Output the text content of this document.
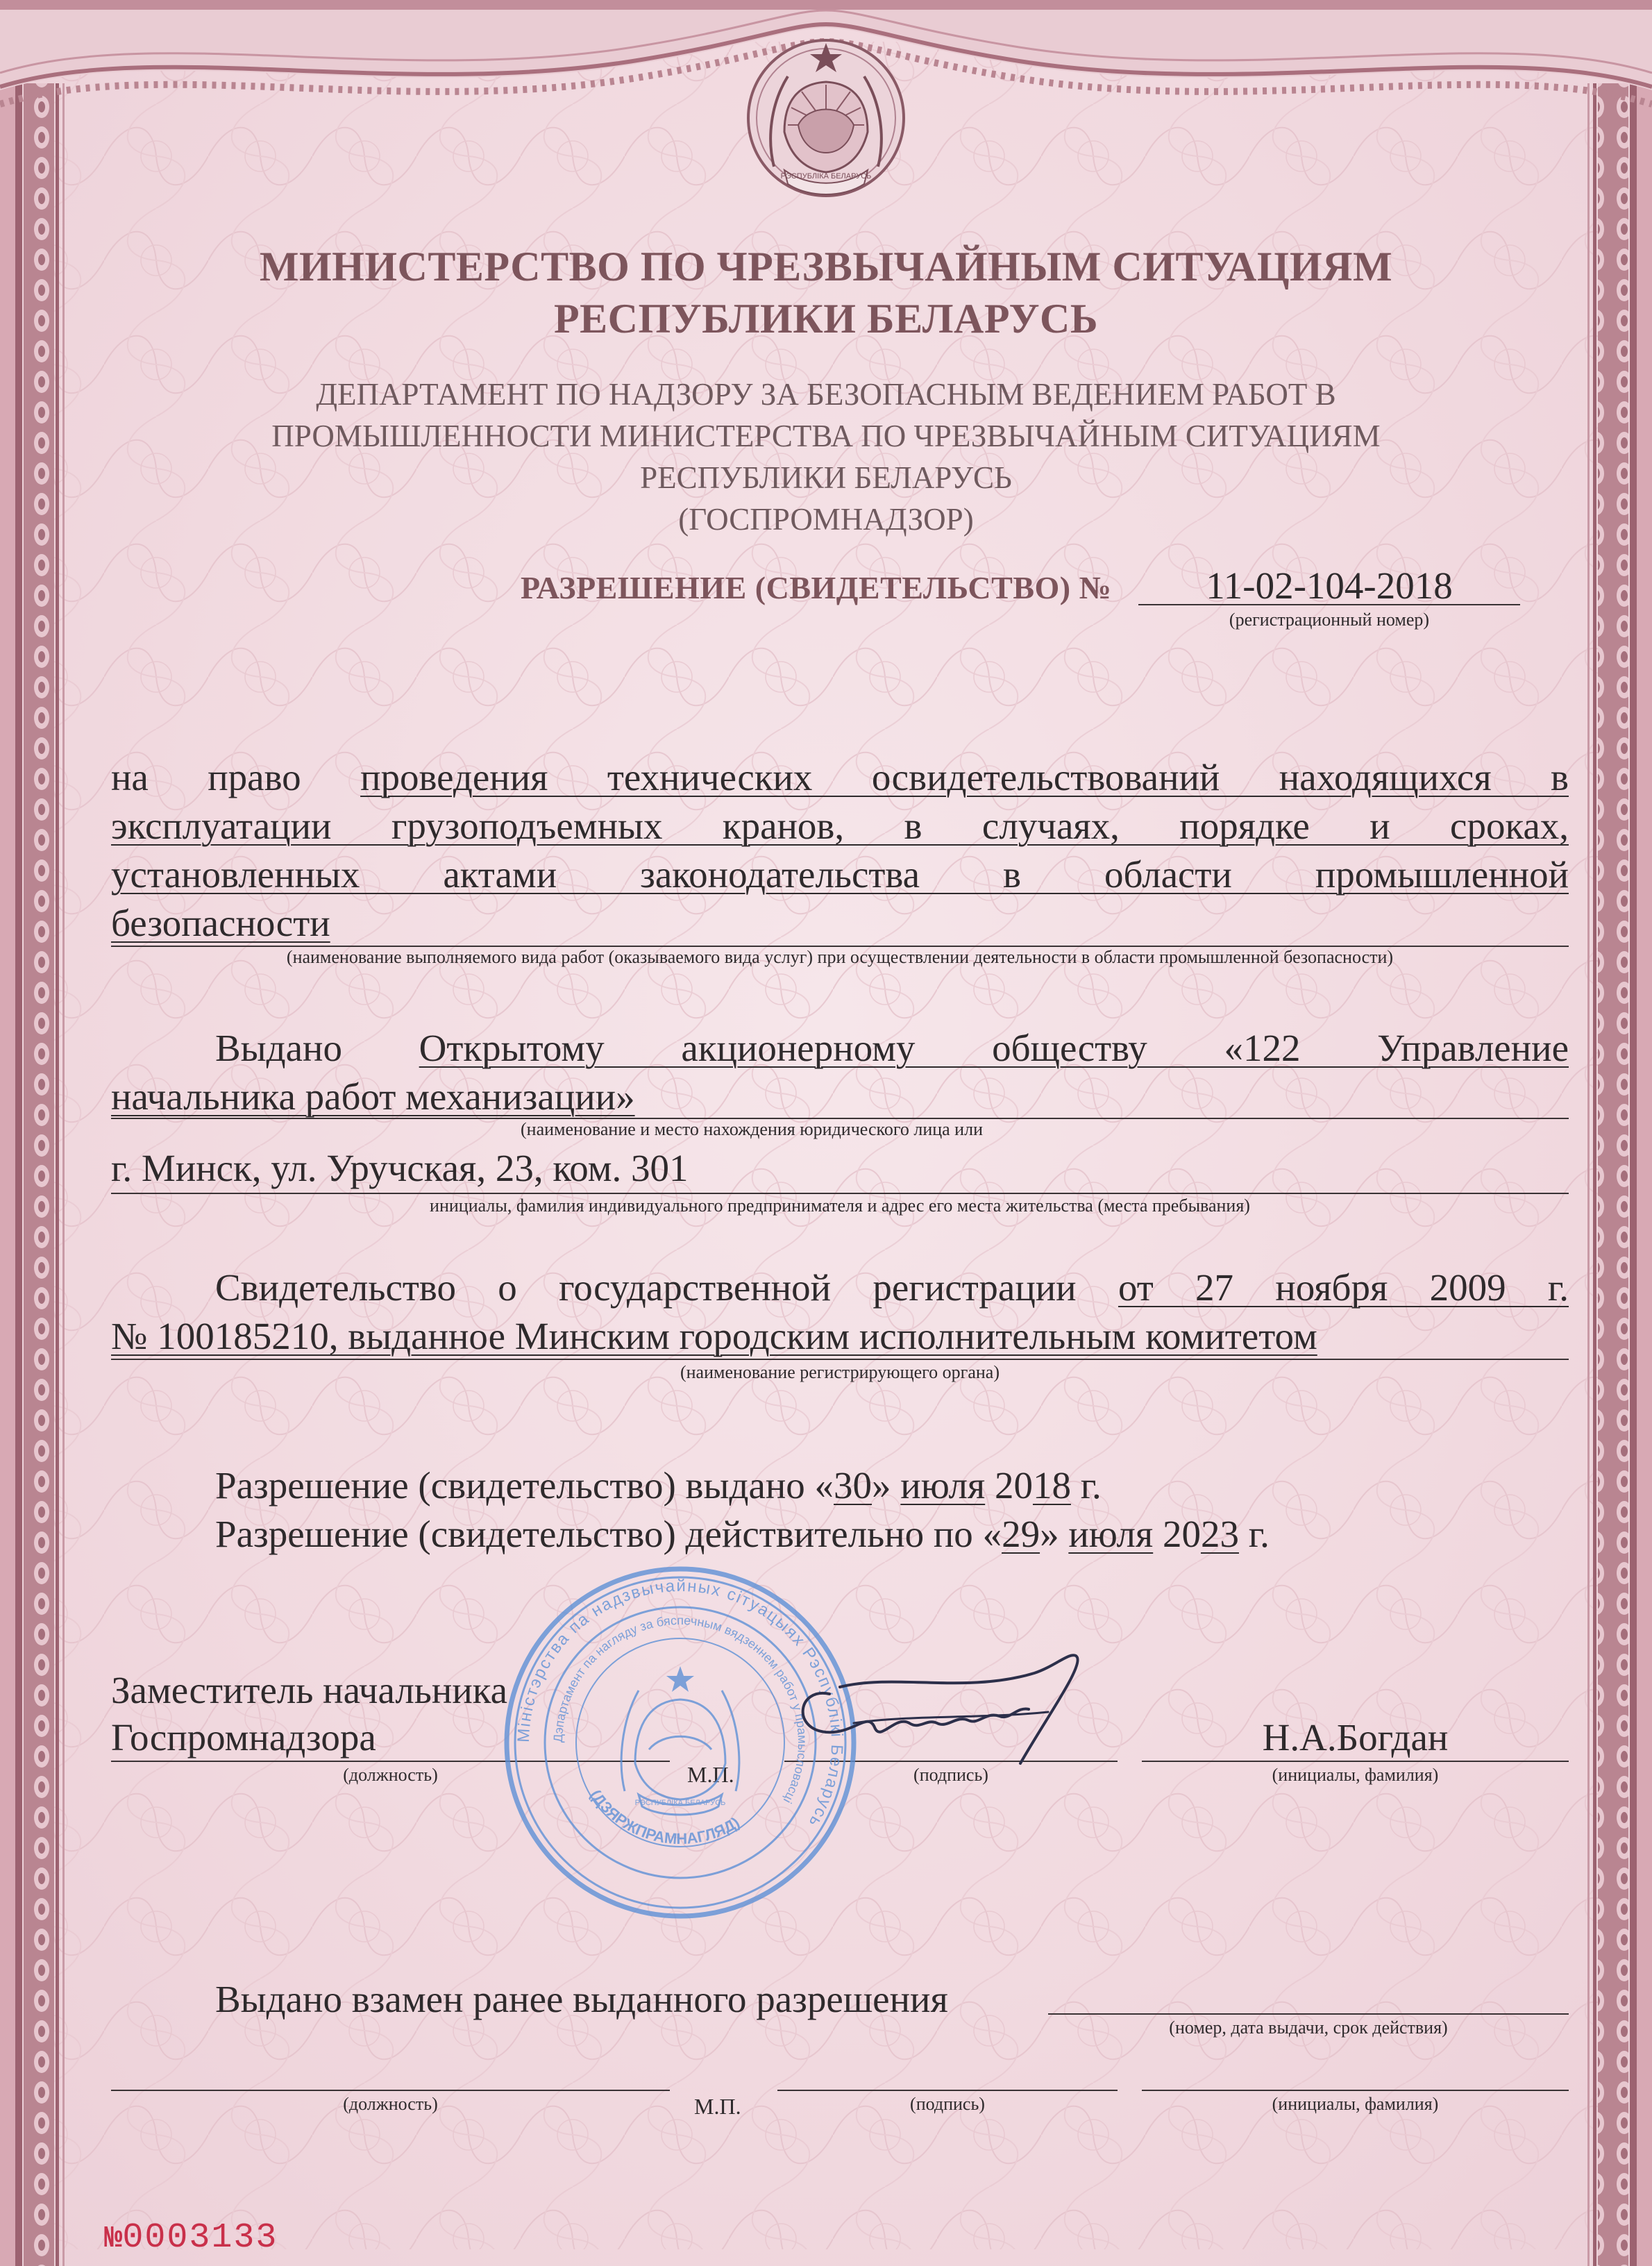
РЭСПУБЛІКА БЕЛАРУСЬ
МИНИСТЕРСТВО ПО ЧРЕЗВЫЧАЙНЫМ СИТУАЦИЯМ
РЕСПУБЛИКИ БЕЛАРУСЬ
ДЕПАРТАМЕНТ ПО НАДЗОРУ ЗА БЕЗОПАСНЫМ ВЕДЕНИЕМ РАБОТ В
ПРОМЫШЛЕННОСТИ МИНИСТЕРСТВА ПО ЧРЕЗВЫЧАЙНЫМ СИТУАЦИЯМ
РЕСПУБЛИКИ БЕЛАРУСЬ
(ГОСПРОМНАДЗОР)
РАЗРЕШЕНИЕ (СВИДЕТЕЛЬСТВО) №	11-02-104-2018
(регистрационный номер)
на право проведения технических освидетельствований находящихся в
эксплуатации грузоподъемных кранов, в случаях, порядке и сроках,
установленных актами законодательства в области промышленной
безопасности
(наименование выполняемого вида работ (оказываемого вида услуг) при осуществлении деятельности в области промышленной безопасности)
Выдано Открытому акционерному обществу «122 Управление
начальника работ механизации»
(наименование и место нахождения юридического лица или
г. Минск, ул. Уручская, 23, ком. 301
инициалы, фамилия индивидуального предпринимателя и адрес его места жительства (места пребывания)
Свидетельство о государственной регистрации от 27 ноября 2009 г.
№ 100185210, выданное Минским городским исполнительным комитетом
(наименование регистрирующего органа)
Разрешение (свидетельство) выдано «30» июля 2018 г.
Разрешение (свидетельство) действительно по «29» июля 2023 г.
Заместитель начальника
Госпромнадзора	Н.А.Богдан
(должность)	М.П.	(подпись)	(инициалы, фамилия)
Міністэрства па надзвычайных сітуацыях Рэспублікі Беларусь
Дэпартамент па нагляду за бяспечным вядзеннем работ у прамысловасці
(ДЗЯРЖПРАМНАГЛЯД)
РЭСПУБЛІКА БЕЛАРУСЬ
Выдано взамен ранее выданного разрешения
(номер, дата выдачи, срок действия)
(должность)	М.П.	(подпись)	(инициалы, фамилия)
№0003133
